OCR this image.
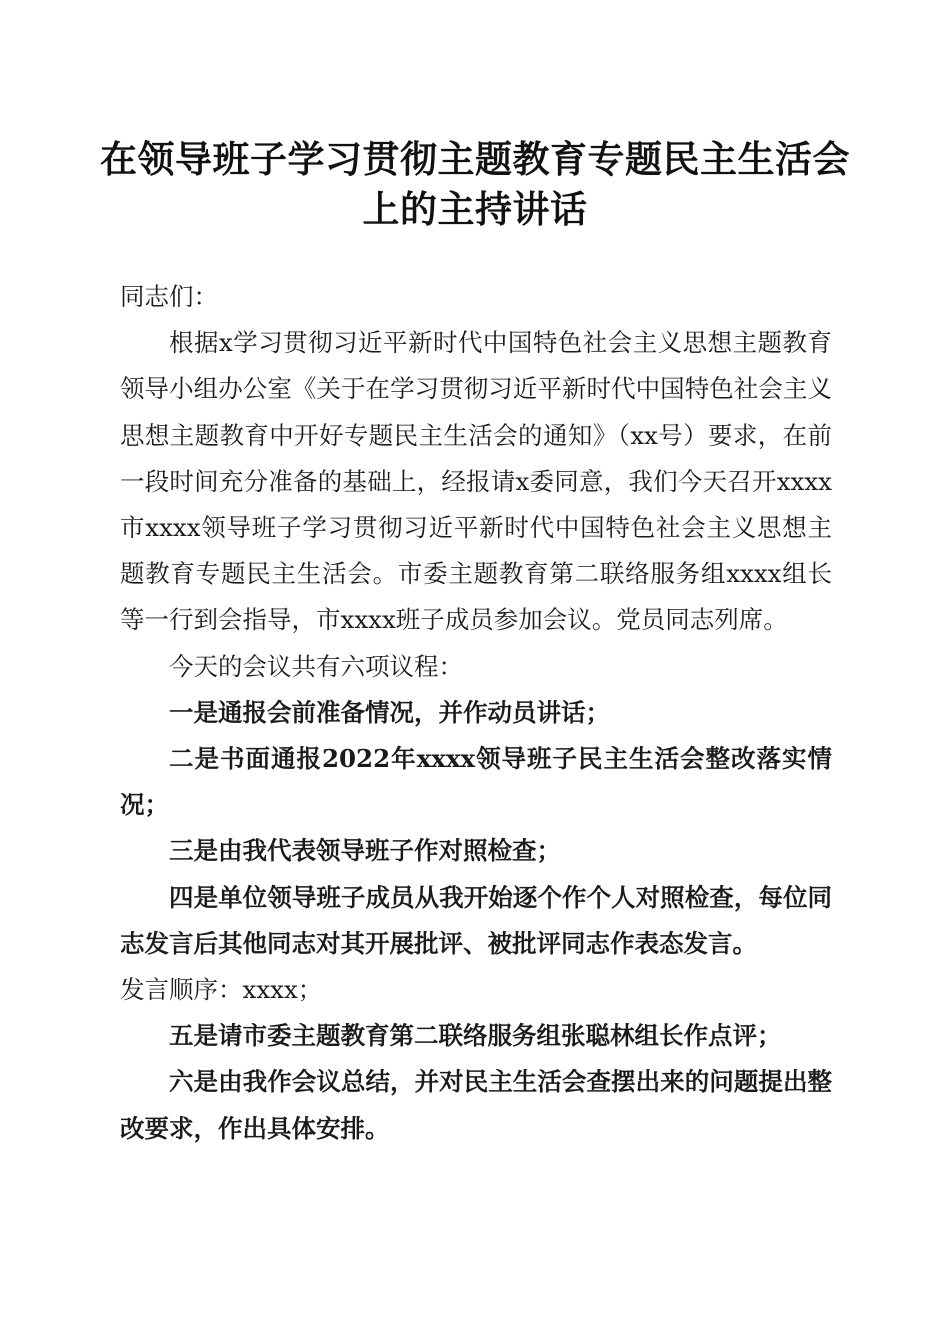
在领导班子学习贯彻主题教育专题民主生活会
上的主持讲话

同志们：

根据x学习贯彻习近平新时代中国特色社会主义思想主题教育领导小组办公室《关于在学习贯彻习近平新时代中国特色社会主义思想主题教育中开好专题民主生活会的通知》（xx号）要求，在前一段时间充分准备的基础上，经报请x委同意，我们今天召开xxxx市xxxx领导班子学习贯彻习近平新时代中国特色社会主义思想主题教育专题民主生活会。市委主题教育第二联络服务组xxxx组长等一行到会指导，市xxxx班子成员参加会议。党员同志列席。

今天的会议共有六项议程：

一是通报会前准备情况，并作动员讲话；

二是书面通报2022年xxxx领导班子民主生活会整改落实情况；

三是由我代表领导班子作对照检查；

四是单位领导班子成员从我开始逐个作个人对照检查，每位同志发言后其他同志对其开展批评、被批评同志作表态发言。

发言顺序：xxxx；

五是请市委主题教育第二联络服务组张聪林组长作点评；

六是由我作会议总结，并对民主生活会查摆出来的问题提出整改要求，作出具体安排。
